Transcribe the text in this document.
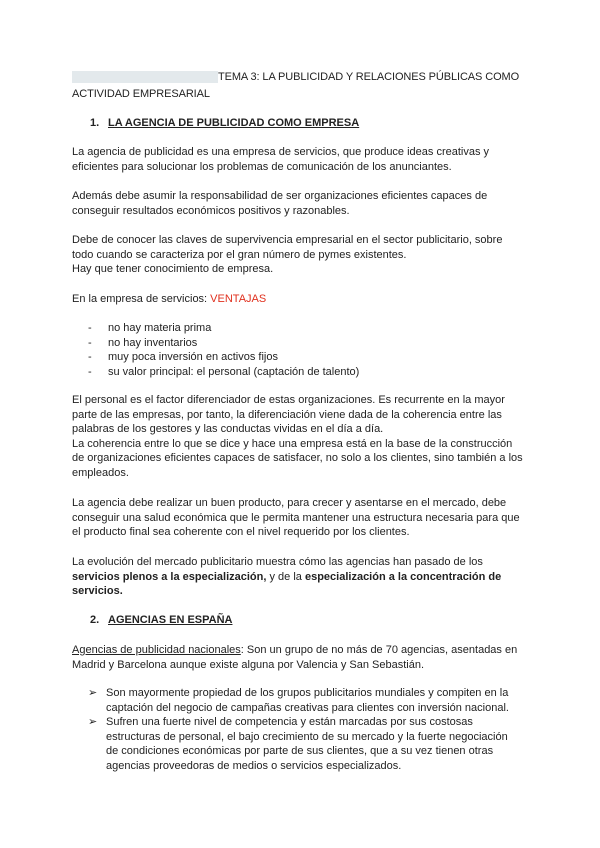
TEMA 3: LA PUBLICIDAD Y RELACIONES PÚBLICAS COMO
ACTIVIDAD EMPRESARIAL
1. LA AGENCIA DE PUBLICIDAD COMO EMPRESA
La agencia de publicidad es una empresa de servicios, que produce ideas creativas y
eficientes para solucionar los problemas de comunicación de los anunciantes.
Además debe asumir la responsabilidad de ser organizaciones eficientes capaces de
conseguir resultados económicos positivos y razonables.
Debe de conocer las claves de supervivencia empresarial en el sector publicitario, sobre
todo cuando se caracteriza por el gran número de pymes existentes.
Hay que tener conocimiento de empresa.
En la empresa de servicios: VENTAJAS
- no hay materia prima
- no hay inventarios
- muy poca inversión en activos fijos
- su valor principal: el personal (captación de talento)
El personal es el factor diferenciador de estas organizaciones. Es recurrente en la mayor
parte de las empresas, por tanto, la diferenciación viene dada de la coherencia entre las
palabras de los gestores y las conductas vividas en el día a día.
La coherencia entre lo que se dice y hace una empresa está en la base de la construcción
de organizaciones eficientes capaces de satisfacer, no solo a los clientes, sino también a los
empleados.
La agencia debe realizar un buen producto, para crecer y asentarse en el mercado, debe
conseguir una salud económica que le permita mantener una estructura necesaria para que
el producto final sea coherente con el nivel requerido por los clientes.
La evolución del mercado publicitario muestra cómo las agencias han pasado de los
servicios plenos a la especialización, y de la especialización a la concentración de
servicios.
2. AGENCIAS EN ESPAÑA
Agencias de publicidad nacionales: Son un grupo de no más de 70 agencias, asentadas en
Madrid y Barcelona aunque existe alguna por Valencia y San Sebastián.
➢ Son mayormente propiedad de los grupos publicitarios mundiales y compiten en la
captación del negocio de campañas creativas para clientes con inversión nacional.
➢ Sufren una fuerte nivel de competencia y están marcadas por sus costosas
estructuras de personal, el bajo crecimiento de su mercado y la fuerte negociación
de condiciones económicas por parte de sus clientes, que a su vez tienen otras
agencias proveedoras de medios o servicios especializados.
